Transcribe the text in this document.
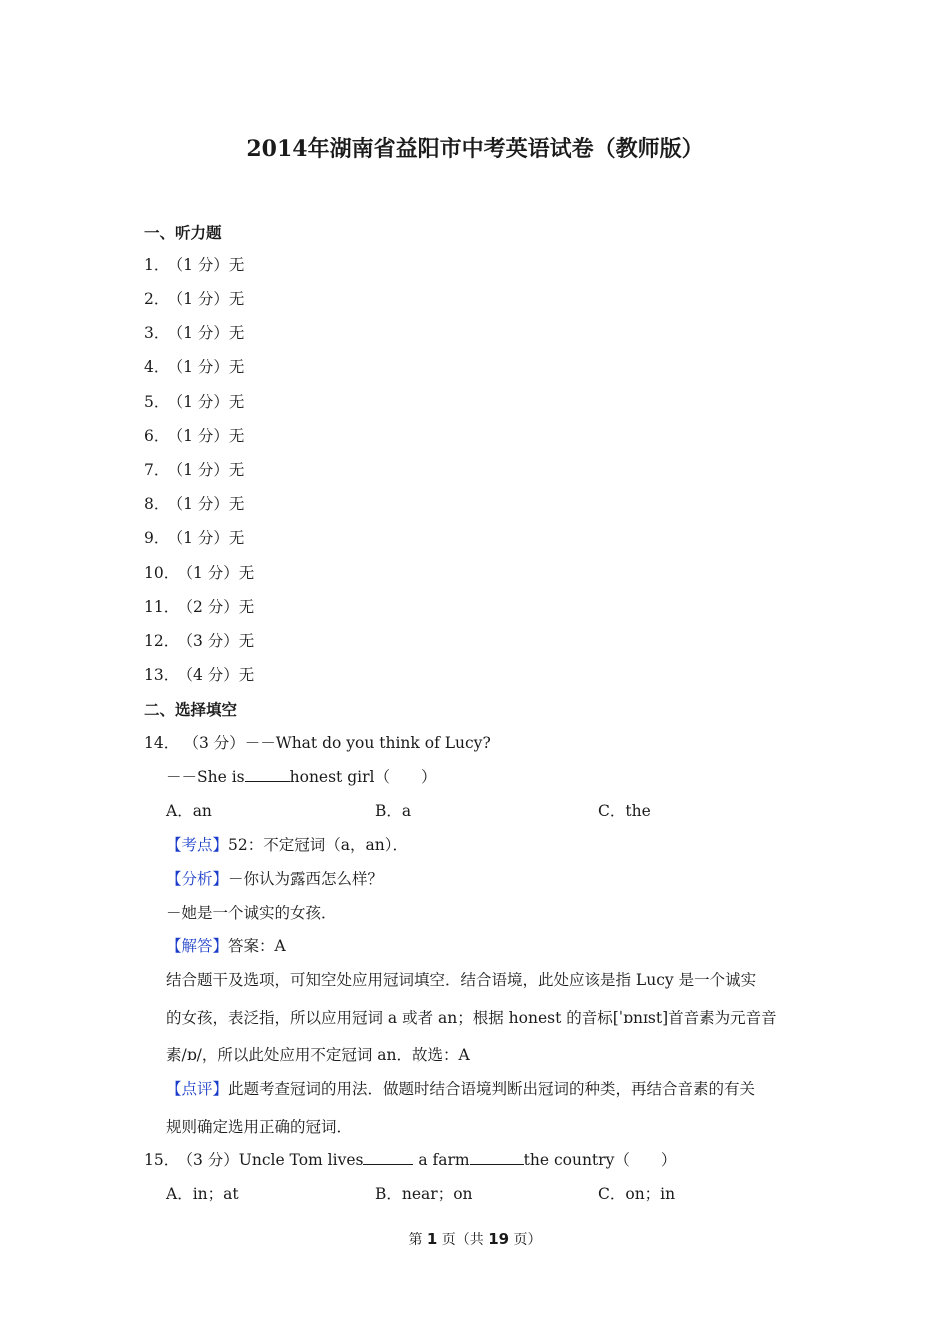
2014年湖南省益阳市中考英语试卷（教师版）
一、听力题
1． （1 分）无
2． （1 分）无
3． （1 分）无
4． （1 分）无
5． （1 分）无
6． （1 分）无
7． （1 分）无
8． （1 分）无
9． （1 分）无
10． （1 分）无
11． （2 分）无
12． （3 分）无
13． （4 分）无
二、选择填空
14． （3 分）－－What do you think of Lucy?
－－She is	honest girl（　　）
A．an	B．a	C．the
【考点】52：不定冠词（a，an）．
【分析】－你认为露西怎么样？
－她是一个诚实的女孩．
【解答】答案：A
结合题干及选项，可知空处应用冠词填空．结合语境，此处应该是指 Lucy 是一个诚实
的女孩，表泛指，所以应用冠词 a 或者 an；根据 honest 的音标[ˈɒnɪst]首音素为元音音
素/ɒ/，所以此处应用不定冠词 an．故选：A
【点评】此题考查冠词的用法．做题时结合语境判断出冠词的种类，再结合音素的有关
规则确定选用正确的冠词．
15． （3 分）Uncle Tom lives	a farm	the country（　　）
A．in；at	B．near；on	C．on；in
第 1 页（共 19 页）
